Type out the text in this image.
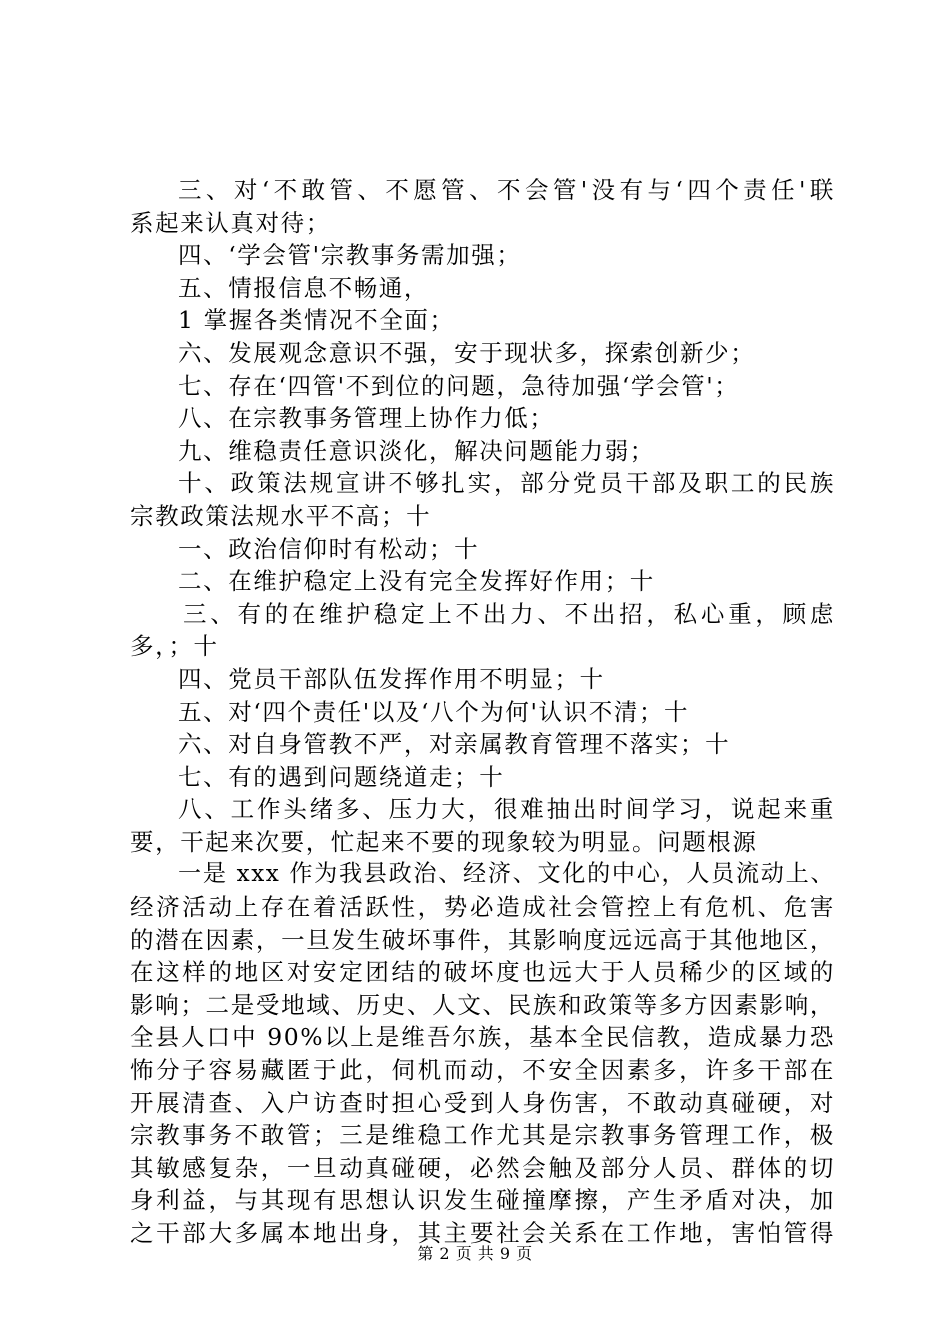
三、对‘不敢管、不愿管、不会管'没有与‘四个责任'联
系起来认真对待；
四、‘学会管'宗教事务需加强；
五、情报信息不畅通，
1 掌握各类情况不全面；
六、发展观念意识不强，安于现状多，探索创新少；
七、存在‘四管'不到位的问题，急待加强‘学会管'；
八、在宗教事务管理上协作力低；
九、维稳责任意识淡化，解决问题能力弱；
十、政策法规宣讲不够扎实，部分党员干部及职工的民族
宗教政策法规水平不高；十
一、政治信仰时有松动；十
二、在维护稳定上没有完全发挥好作用；十
三、有的在维护稳定上不出力、不出招，私心重，顾虑
多，；十
四、党员干部队伍发挥作用不明显；十
五、对‘四个责任'以及‘八个为何'认识不清；十
六、对自身管教不严，对亲属教育管理不落实；十
七、有的遇到问题绕道走；十
八、工作头绪多、压力大，很难抽出时间学习，说起来重
要，干起来次要，忙起来不要的现象较为明显。问题根源
一是 xxx 作为我县政治、经济、文化的中心，人员流动上、
经济活动上存在着活跃性，势必造成社会管控上有危机、危害
的潜在因素，一旦发生破坏事件，其影响度远远高于其他地区，
在这样的地区对安定团结的破坏度也远大于人员稀少的区域的
影响；二是受地域、历史、人文、民族和政策等多方因素影响，
全县人口中 90%以上是维吾尔族，基本全民信教，造成暴力恐
怖分子容易藏匿于此，伺机而动，不安全因素多，许多干部在
开展清查、入户访查时担心受到人身伤害，不敢动真碰硬，对
宗教事务不敢管；三是维稳工作尤其是宗教事务管理工作，极
其敏感复杂，一旦动真碰硬，必然会触及部分人员、群体的切
身利益，与其现有思想认识发生碰撞摩擦，产生矛盾对决，加
之干部大多属本地出身，其主要社会关系在工作地，害怕管得
第 2 页 共 9 页
